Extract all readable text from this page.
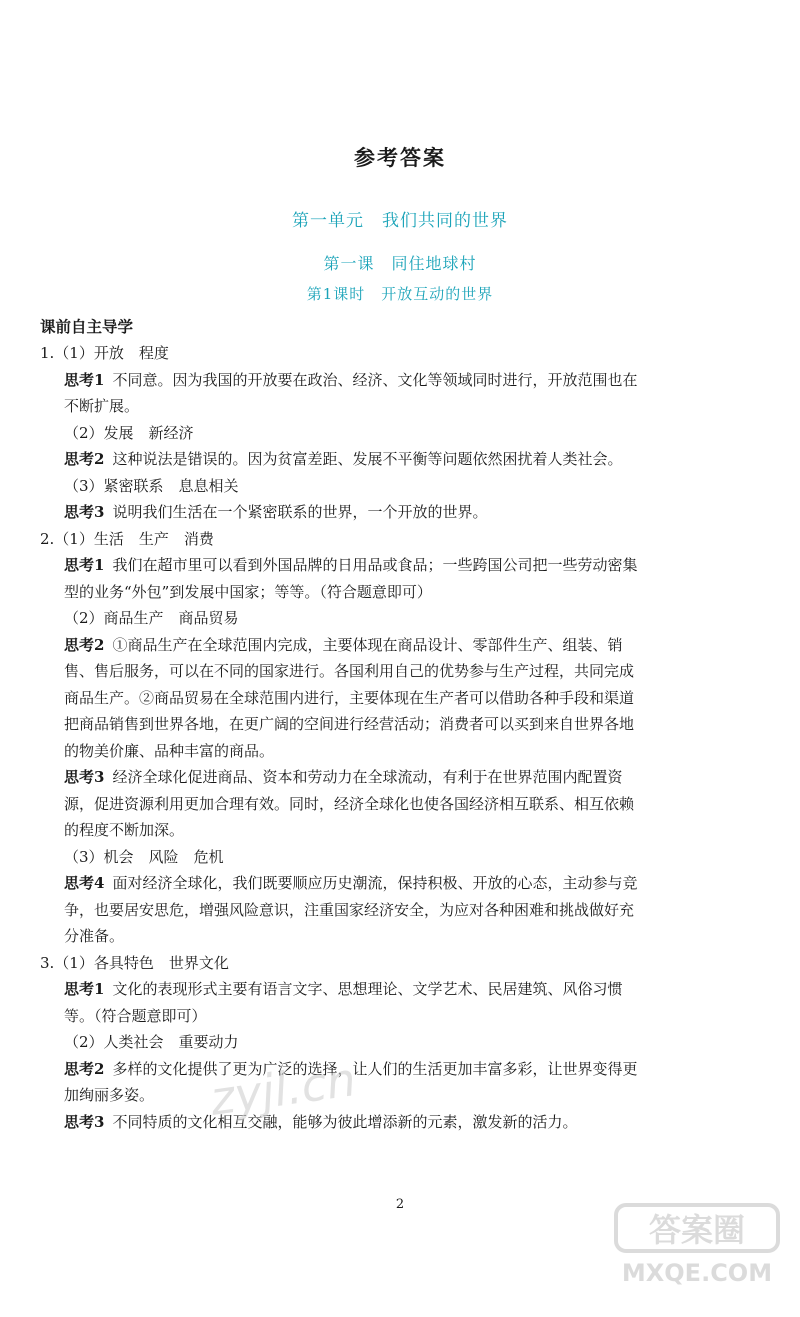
参考答案
第一单元　我们共同的世界
第一课　同住地球村
第1课时　开放互动的世界
课前自主导学
1.（1）开放　程度
思考1 不同意。因为我国的开放要在政治、经济、文化等领域同时进行，开放范围也在
不断扩展。
（2）发展　新经济
思考2 这种说法是错误的。因为贫富差距、发展不平衡等问题依然困扰着人类社会。
（3）紧密联系　息息相关
思考3 说明我们生活在一个紧密联系的世界，一个开放的世界。
2.（1）生活　生产　消费
思考1 我们在超市里可以看到外国品牌的日用品或食品；一些跨国公司把一些劳动密集
型的业务“外包”到发展中国家；等等。（符合题意即可）
（2）商品生产　商品贸易
思考2 ①商品生产在全球范围内完成，主要体现在商品设计、零部件生产、组装、销
售、售后服务，可以在不同的国家进行。各国利用自己的优势参与生产过程，共同完成
商品生产。②商品贸易在全球范围内进行，主要体现在生产者可以借助各种手段和渠道
把商品销售到世界各地，在更广阔的空间进行经营活动；消费者可以买到来自世界各地
的物美价廉、品种丰富的商品。
思考3 经济全球化促进商品、资本和劳动力在全球流动，有利于在世界范围内配置资
源，促进资源利用更加合理有效。同时，经济全球化也使各国经济相互联系、相互依赖
的程度不断加深。
（3）机会　风险　危机
思考4 面对经济全球化，我们既要顺应历史潮流，保持积极、开放的心态，主动参与竞
争，也要居安思危，增强风险意识，注重国家经济安全，为应对各种困难和挑战做好充
分准备。
3.（1）各具特色　世界文化
思考1 文化的表现形式主要有语言文字、思想理论、文学艺术、民居建筑、风俗习惯
等。（符合题意即可）
（2）人类社会　重要动力
思考2 多样的文化提供了更为广泛的选择，让人们的生活更加丰富多彩，让世界变得更
加绚丽多姿。
思考3 不同特质的文化相互交融，能够为彼此增添新的元素，激发新的活力。
2
zyjl.cn
答案圈
MXQE.COM
